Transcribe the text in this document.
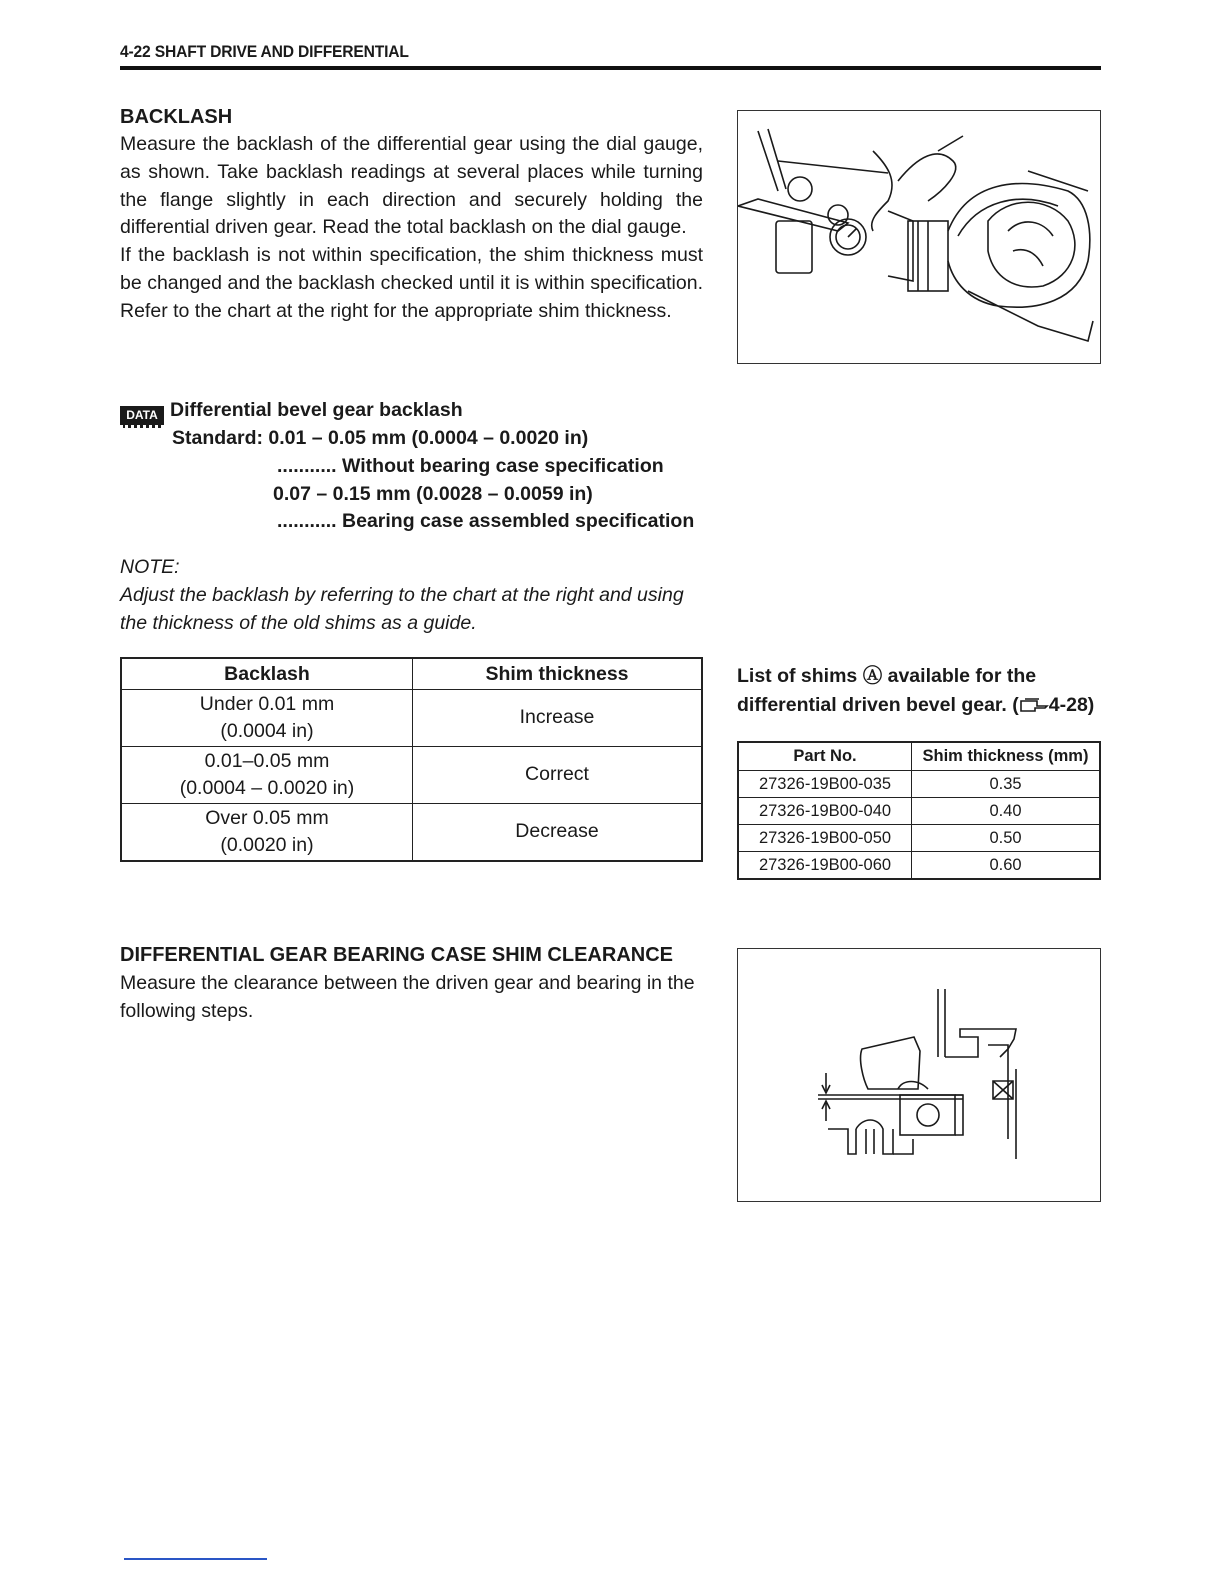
4-22 SHAFT DRIVE AND DIFFERENTIAL
BACKLASH

Measure the backlash of the differential gear using the dial gauge, as shown. Take backlash readings at several places while turning the flange slightly in each direction and securely holding the differential driven gear. Read the total backlash on the dial gauge.

If the backlash is not within specification, the shim thickness must be changed and the backlash checked until it is within specification. Refer to the chart at the right for the appropriate shim thickness.

DATA Differential bevel gear backlash
Standard: 0.01 – 0.05 mm (0.0004 – 0.0020 in)
........... Without bearing case specification
0.07 – 0.15 mm (0.0028 – 0.0059 in)
........... Bearing case assembled specification
NOTE:
Adjust the backlash by referring to the chart at the right and using the thickness of the old shims as a guide.
Backlash	Shim thickness
Under 0.01 mm
(0.0004 in)	Increase
0.01–0.05 mm
(0.0004 – 0.0020 in)	Correct
Over 0.05 mm
(0.0020 in)	Decrease
List of shims Ⓐ available for the differential driven bevel gear. ( 4-28)
Part No.	Shim thickness (mm)
27326-19B00-035	0.35
27326-19B00-040	0.40
27326-19B00-050	0.50
27326-19B00-060	0.60
DIFFERENTIAL GEAR BEARING CASE SHIM CLEARANCE
Measure the clearance between the driven gear and bearing in the following steps.
